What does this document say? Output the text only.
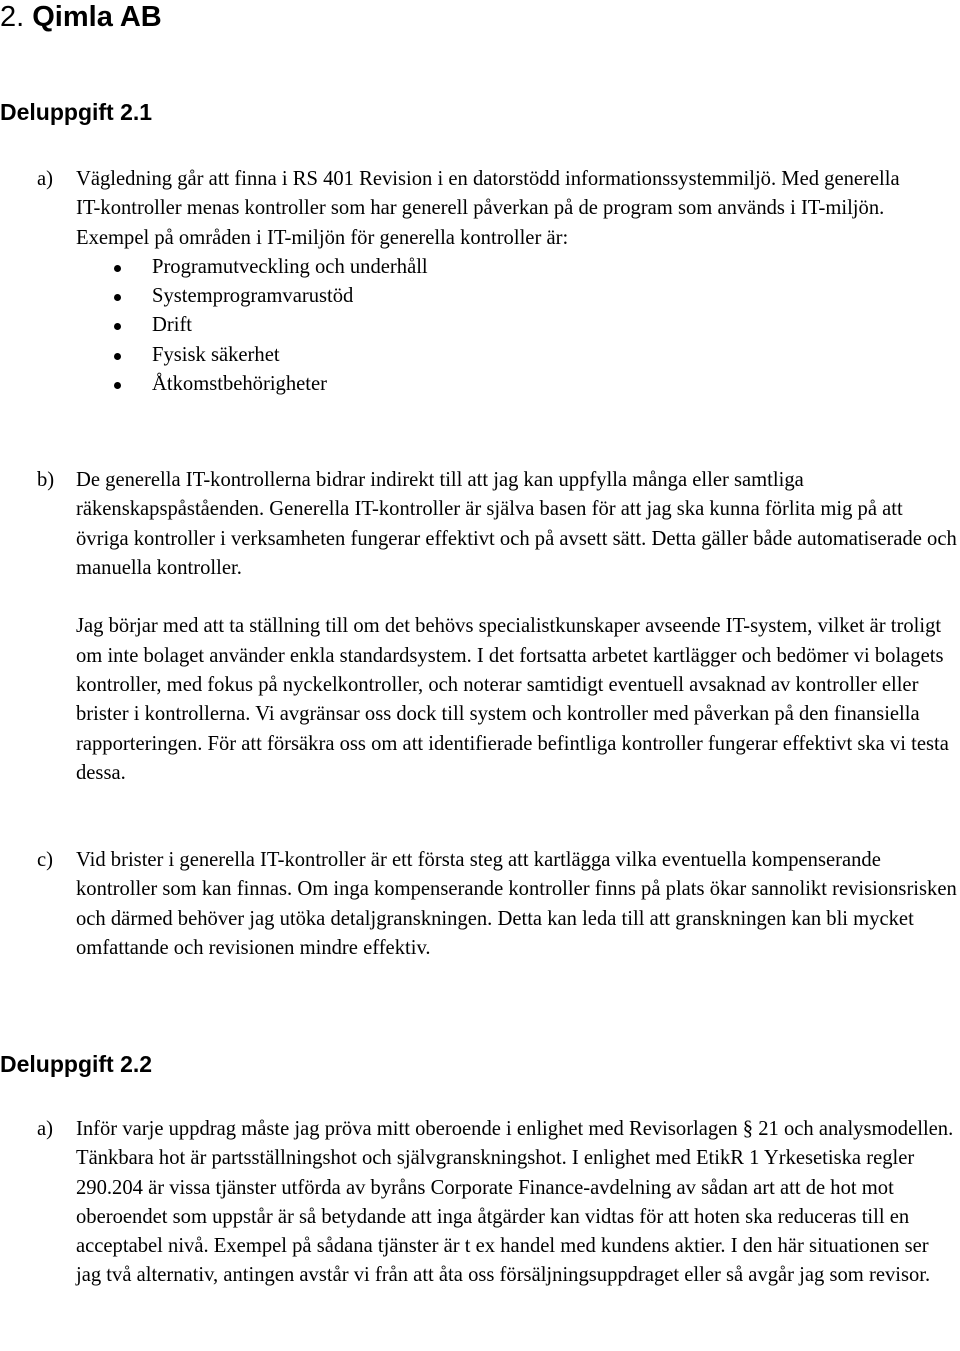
2. Qimla AB
Deluppgift 2.1
a) Vägledning går att finna i RS 401 Revision i en datorstödd informationssystemmiljö. Med generella IT-kontroller menas kontroller som har generell påverkan på de program som används i IT-miljön. Exempel på områden i IT-miljön för generella kontroller är:

Programutveckling och underhåll
Systemprogramvarustöd
Drift
Fysisk säkerhet
Åtkomstbehörigheter
b) De generella IT-kontrollerna bidrar indirekt till att jag kan uppfylla många eller samtliga räkenskapspåståenden. Generella IT-kontroller är själva basen för att jag ska kunna förlita mig på att övriga kontroller i verksamheten fungerar effektivt och på avsett sätt. Detta gäller både automatiserade och manuella kontroller.

Jag börjar med att ta ställning till om det behövs specialistkunskaper avseende IT-system, vilket är troligt om inte bolaget använder enkla standardsystem. I det fortsatta arbetet kartlägger och bedömer vi bolagets kontroller, med fokus på nyckelkontroller, och noterar samtidigt eventuell avsaknad av kontroller eller brister i kontrollerna. Vi avgränsar oss dock till system och kontroller med påverkan på den finansiella rapporteringen. För att försäkra oss om att identifierade befintliga kontroller fungerar effektivt ska vi testa dessa.

c) Vid brister i generella IT-kontroller är ett första steg att kartlägga vilka eventuella kompenserande kontroller som kan finnas. Om inga kompenserande kontroller finns på plats ökar sannolikt revisionsrisken och därmed behöver jag utöka detaljgranskningen. Detta kan leda till att granskningen kan bli mycket omfattande och revisionen mindre effektiv.

Deluppgift 2.2
a) Inför varje uppdrag måste jag pröva mitt oberoende i enlighet med Revisorlagen § 21 och analysmodellen. Tänkbara hot är partsställningshot och självgranskningshot. I enlighet med EtikR 1 Yrkesetiska regler 290.204 är vissa tjänster utförda av byråns Corporate Finance-avdelning av sådan art att de hot mot oberoendet som uppstår är så betydande att inga åtgärder kan vidtas för att hoten ska reduceras till en acceptabel nivå. Exempel på sådana tjänster är t ex handel med kundens aktier. I den här situationen ser jag två alternativ, antingen avstår vi från att åta oss försäljningsuppdraget eller så avgår jag som revisor.
